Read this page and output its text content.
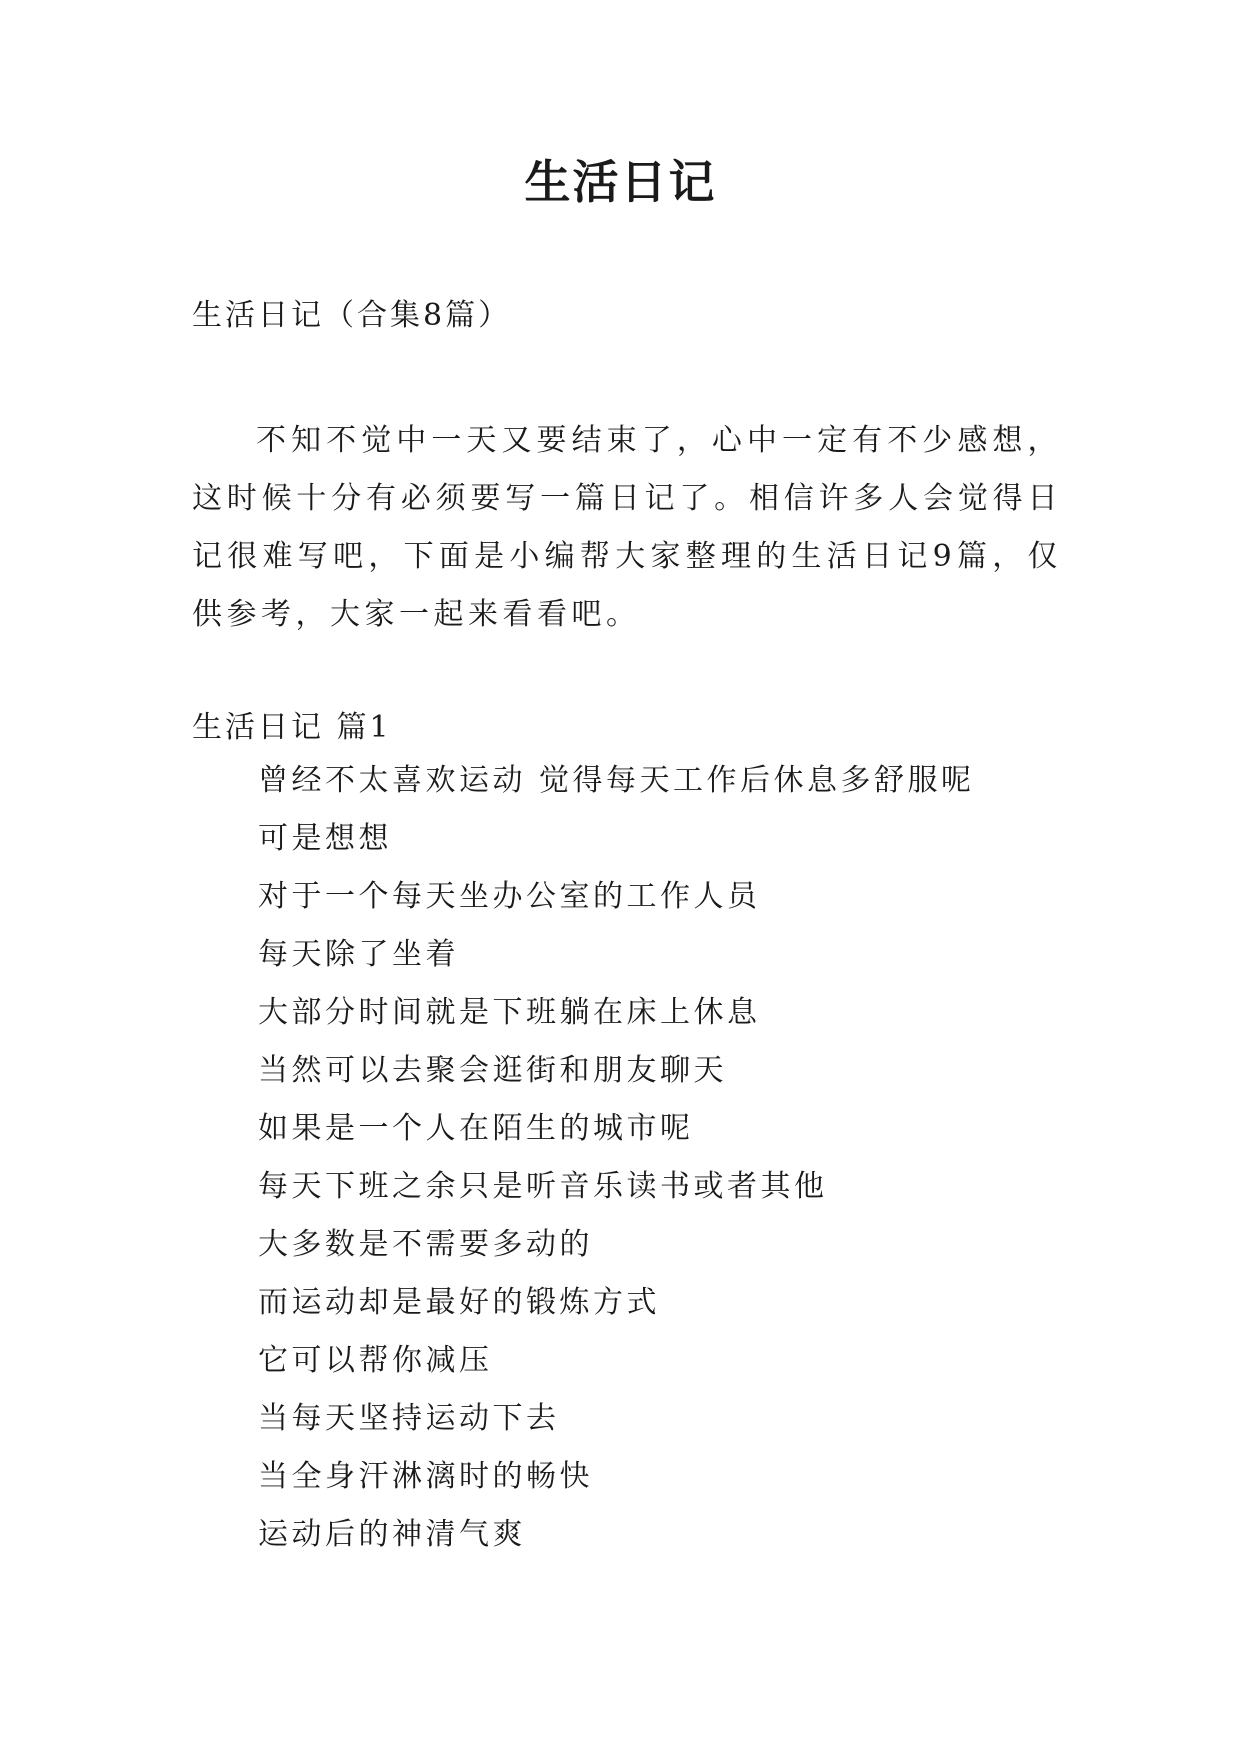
生活日记
生活日记（合集8篇）

不知不觉中一天又要结束了，心中一定有不少感想，这时候十分有必须要写一篇日记了。相信许多人会觉得日记很难写吧，下面是小编帮大家整理的生活日记9篇，仅供参考，大家一起来看看吧。

生活日记 篇1
曾经不太喜欢运动 觉得每天工作后休息多舒服呢
可是想想
对于一个每天坐办公室的工作人员
每天除了坐着
大部分时间就是下班躺在床上休息
当然可以去聚会逛街和朋友聊天
如果是一个人在陌生的城市呢
每天下班之余只是听音乐读书或者其他
大多数是不需要多动的
而运动却是最好的锻炼方式
它可以帮你减压
当每天坚持运动下去
当全身汗淋漓时的畅快
运动后的神清气爽
